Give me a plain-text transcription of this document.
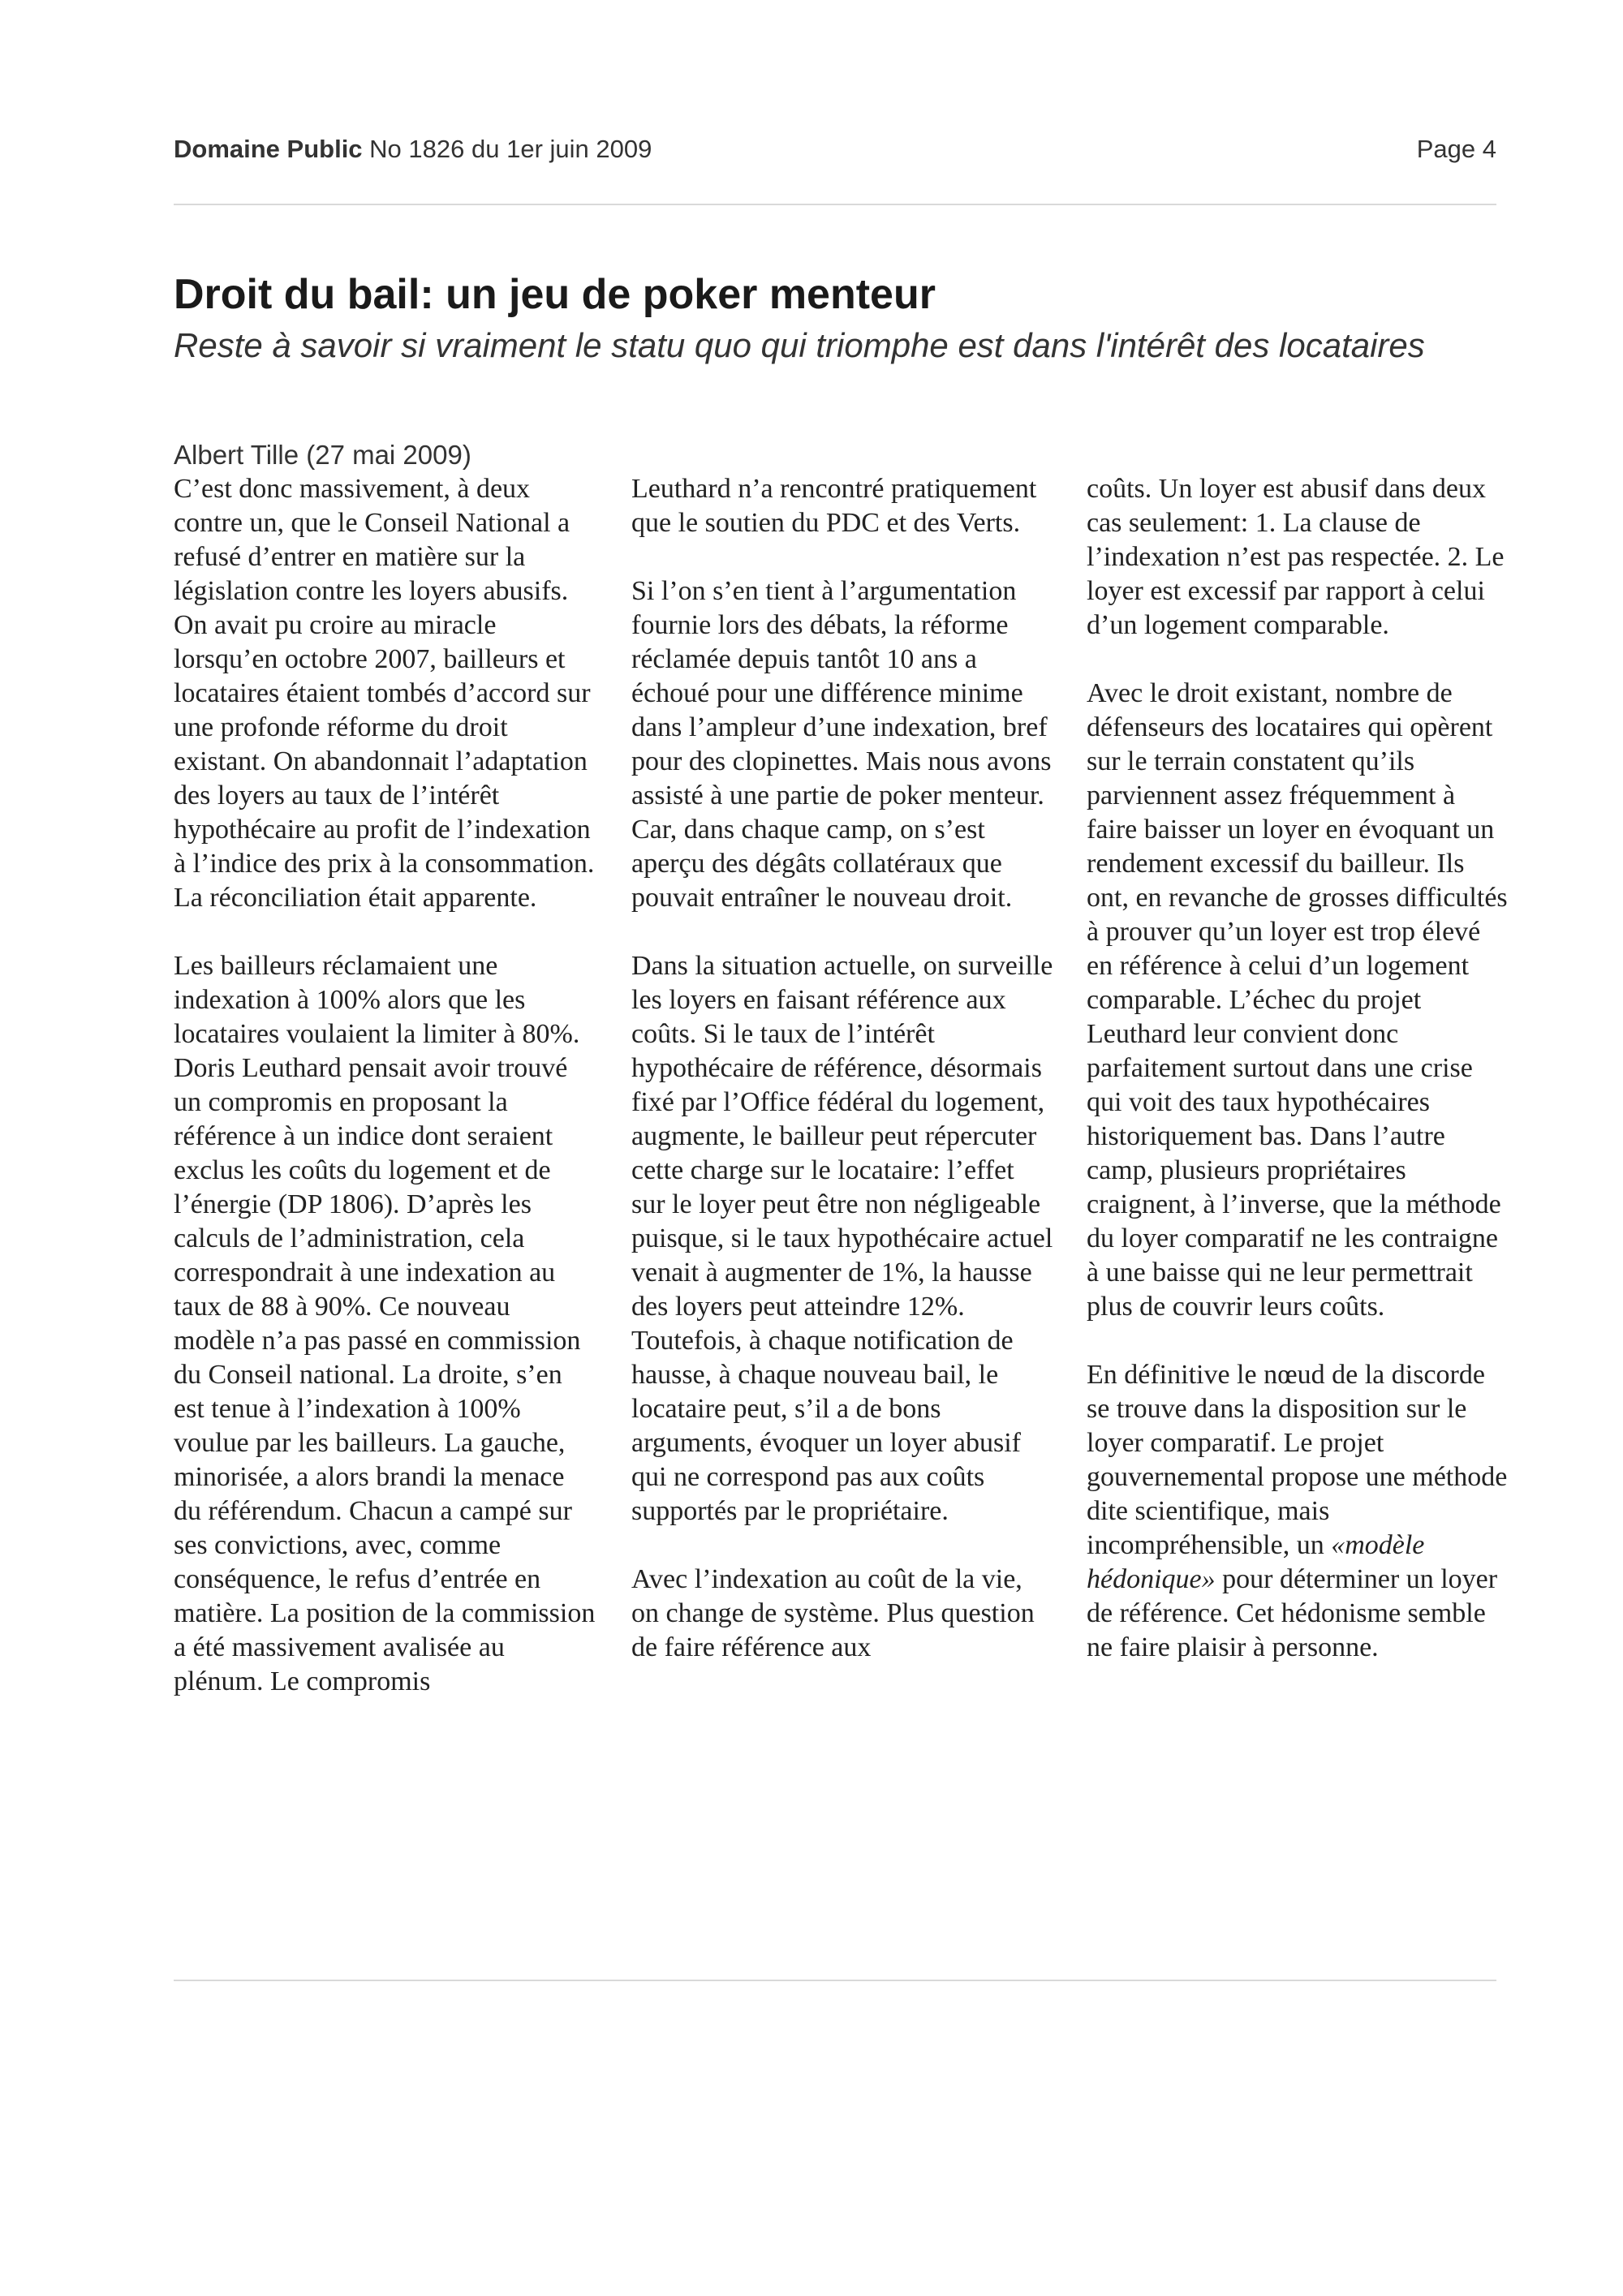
Domaine Public No 1826 du 1er juin 2009	Page 4
Droit du bail: un jeu de poker menteur
Reste à savoir si vraiment le statu quo qui triomphe est dans l'intérêt des locataires
Albert Tille (27 mai 2009)
C’est donc massivement, à deux contre un, que le Conseil National a refusé d’entrer en matière sur la législation contre les loyers abusifs. On avait pu croire au miracle lorsqu’en octobre 2007, bailleurs et locataires étaient tombés d’accord sur une profonde réforme du droit existant. On abandonnait l’adaptation des loyers au taux de l’intérêt hypothécaire au profit de l’indexation à l’indice des prix à la consommation. La réconciliation était apparente.
Les bailleurs réclamaient une indexation à 100% alors que les locataires voulaient la limiter à 80%. Doris Leuthard pensait avoir trouvé un compromis en proposant la référence à un indice dont seraient exclus les coûts du logement et de l’énergie (DP 1806). D’après les calculs de l’administration, cela correspondrait à une indexation au taux de 88 à 90%. Ce nouveau modèle n’a pas passé en commission du Conseil national. La droite, s’en est tenue à l’indexation à 100% voulue par les bailleurs. La gauche, minorisée, a alors brandi la menace du référendum. Chacun a campé sur ses convictions, avec, comme conséquence, le refus d’entrée en matière. La position de la commission a été massivement avalisée au plénum. Le compromis
Leuthard n’a rencontré pratiquement que le soutien du PDC et des Verts.
Si l’on s’en tient à l’argumentation fournie lors des débats, la réforme réclamée depuis tantôt 10 ans a échoué pour une différence minime dans l’ampleur d’une indexation, bref pour des clopinettes. Mais nous avons assisté à une partie de poker menteur. Car, dans chaque camp, on s’est aperçu des dégâts collatéraux que pouvait entraîner le nouveau droit.
Dans la situation actuelle, on surveille les loyers en faisant référence aux coûts. Si le taux de l’intérêt hypothécaire de référence, désormais fixé par l’Office fédéral du logement, augmente, le bailleur peut répercuter cette charge sur le locataire: l’effet sur le loyer peut être non négligeable puisque, si le taux hypothécaire actuel venait à augmenter de 1%, la hausse des loyers peut atteindre 12%. Toutefois, à chaque notification de hausse, à chaque nouveau bail, le locataire peut, s’il a de bons arguments, évoquer un loyer abusif qui ne correspond pas aux coûts supportés par le propriétaire.
Avec l’indexation au coût de la vie, on change de système. Plus question de faire référence aux
coûts. Un loyer est abusif dans deux cas seulement: 1. La clause de l’indexation n’est pas respectée. 2. Le loyer est excessif par rapport à celui d’un logement comparable.
Avec le droit existant, nombre de défenseurs des locataires qui opèrent sur le terrain constatent qu’ils parviennent assez fréquemment à faire baisser un loyer en évoquant un rendement excessif du bailleur. Ils ont, en revanche de grosses difficultés à prouver qu’un loyer est trop élevé en référence à celui d’un logement comparable. L’échec du projet Leuthard leur convient donc parfaitement surtout dans une crise qui voit des taux hypothécaires historiquement bas. Dans l’autre camp, plusieurs propriétaires craignent, à l’inverse, que la méthode du loyer comparatif ne les contraigne à une baisse qui ne leur permettrait plus de couvrir leurs coûts.
En définitive le nœud de la discorde se trouve dans la disposition sur le loyer comparatif. Le projet gouvernemental propose une méthode dite scientifique, mais incompréhensible, un «modèle hédonique» pour déterminer un loyer de référence. Cet hédonisme semble ne faire plaisir à personne.
